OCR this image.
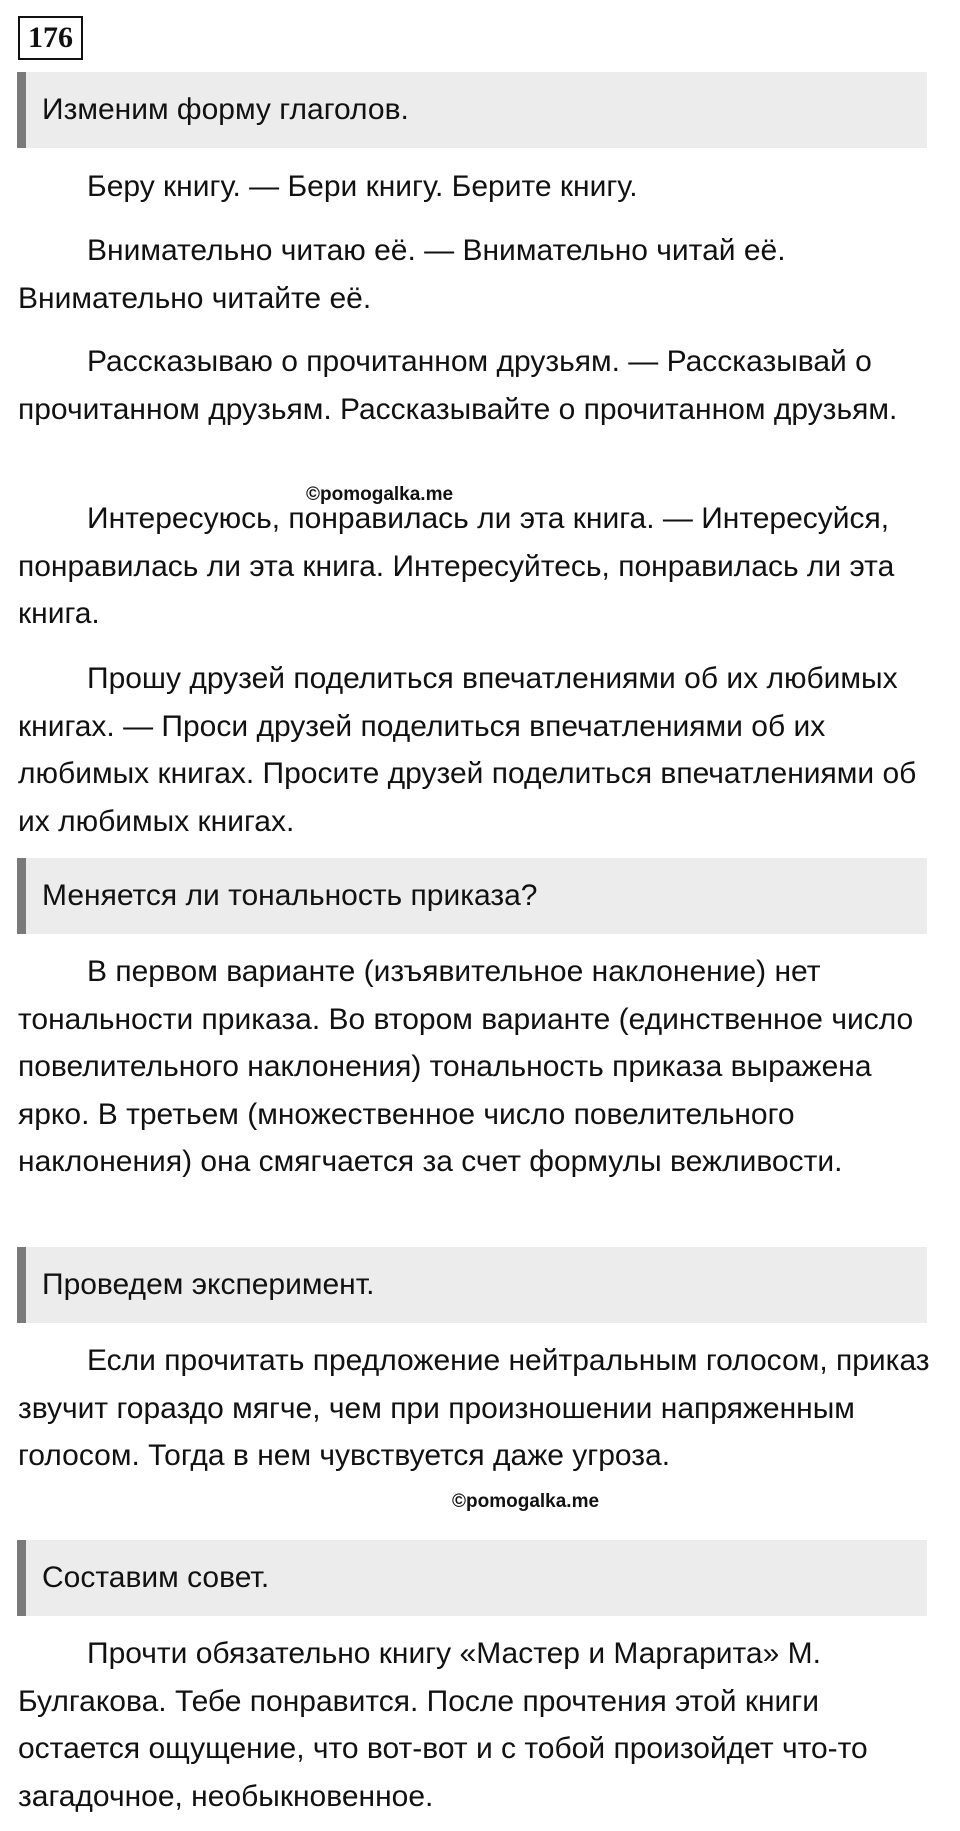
176
Изменим форму глаголов.

Беру книгу. — Бери книгу. Берите книгу.

Внимательно читаю её. — Внимательно читай её. Внимательно читайте её.

Рассказываю о прочитанном друзьям. — Рассказывай о прочитанном друзьям. Рассказывайте о прочитанном друзьям.

©pomogalka.me

Интересуюсь, понравилась ли эта книга. — Интересуйся, понравилась ли эта книга. Интересуйтесь, понравилась ли эта книга.

Прошу друзей поделиться впечатлениями об их любимых книгах. — Проси друзей поделиться впечатлениями об их любимых книгах. Просите друзей поделиться впечатлениями об их любимых книгах.

Меняется ли тональность приказа?

В первом варианте (изъявительное наклонение) нет тональности приказа. Во втором варианте (единственное число повелительного наклонения) тональность приказа выражена ярко. В третьем (множественное число повелительного наклонения) она смягчается за счет формулы вежливости.

Проведем эксперимент.

Если прочитать предложение нейтральным голосом, приказ звучит гораздо мягче, чем при произношении напряженным голосом. Тогда в нем чувствуется даже угроза.

©pomogalka.me
Составим совет.

Прочти обязательно книгу «Мастер и Маргарита» М. Булгакова. Тебе понравится. После прочтения этой книги остается ощущение, что вот-вот и с тобой произойдет что-то загадочное, необыкновенное.
